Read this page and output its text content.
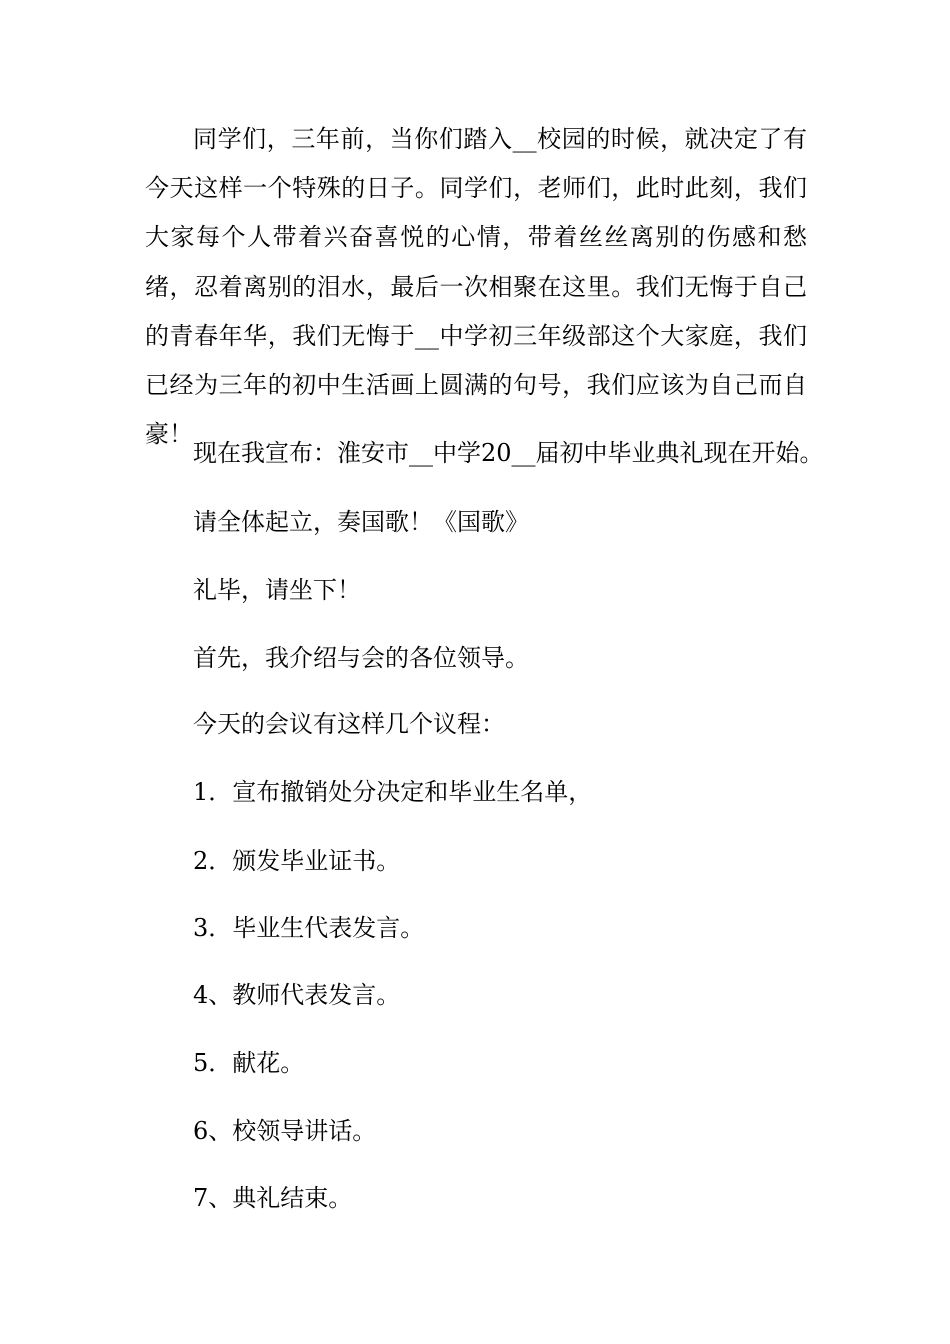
同学们，三年前，当你们踏入__校园的时候，就决定了有今天这样一个特殊的日子。同学们，老师们，此时此刻，我们大家每个人带着兴奋喜悦的心情，带着丝丝离别的伤感和愁绪，忍着离别的泪水，最后一次相聚在这里。我们无悔于自己的青春年华，我们无悔于__中学初三年级部这个大家庭，我们已经为三年的初中生活画上圆满的句号，我们应该为自己而自豪！

现在我宣布：淮安市__中学20__届初中毕业典礼现在开始。

请全体起立，奏国歌！《国歌》

礼毕，请坐下！

首先，我介绍与会的各位领导。

今天的会议有这样几个议程：

1．宣布撤销处分决定和毕业生名单，

2．颁发毕业证书。

3．毕业生代表发言。

4、教师代表发言。

5．献花。

6、校领导讲话。

7、典礼结束。
